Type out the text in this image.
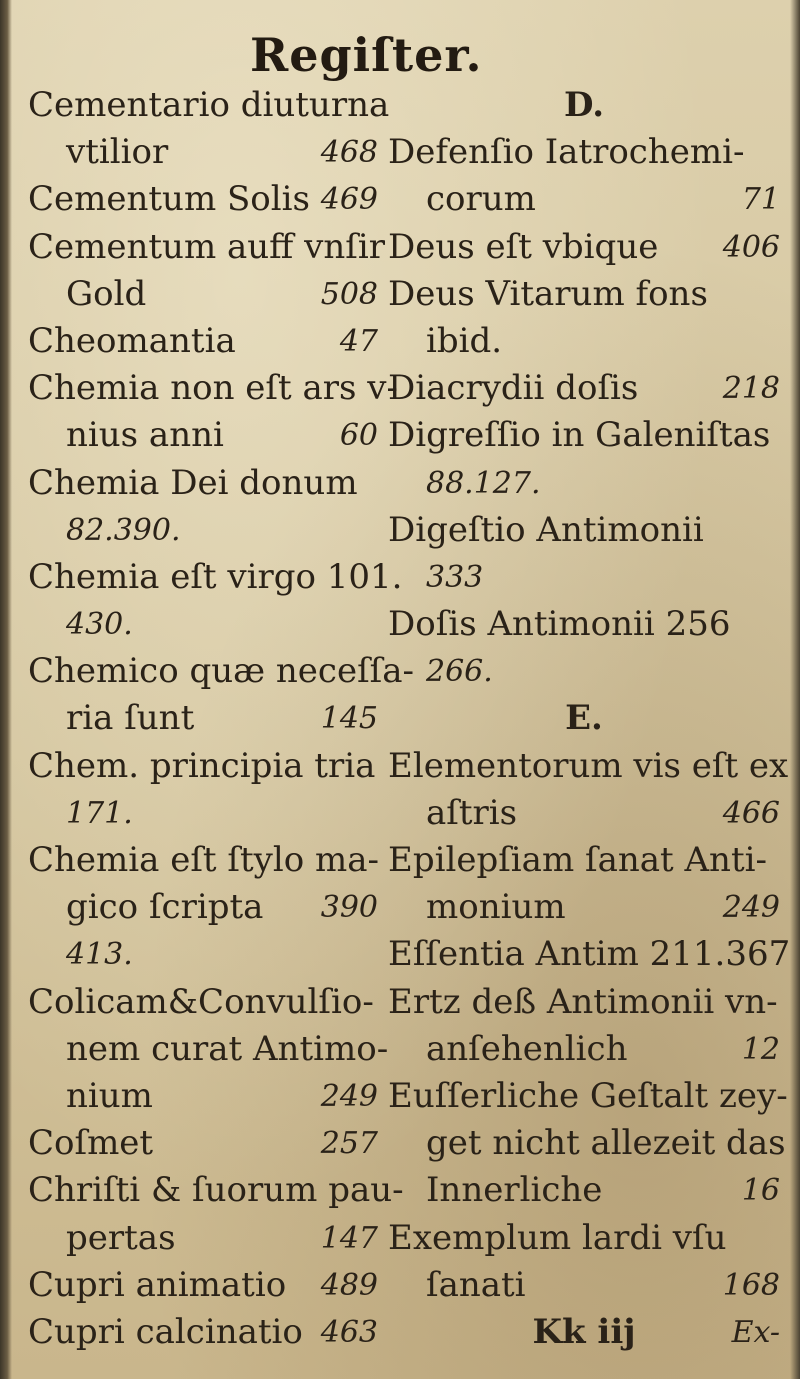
Regiſter.
Cementario diuturna
vtilior	468
Cementum Solis 469
Cementum auff vnſir
Gold	508
Cheomantia	47
Chemia non eſt ars v-
nius anni	60
Chemia Dei donum
82.390.
Chemia eſt virgo 101.
430.
Chemico quæ neceſſa-
ria ſunt	145
Chem. principia tria
171.
Chemia eſt ſtylo ma-
gico ſcripta 390
413.
Colicam&Convulſio-
nem curat Antimo-
nium	249
Coſmet	257
Chriſti & ſuorum pau-
pertas	147
Cupri animatio 489
Cupri calcinatio 463
D.
Defenſio Iatrochemi-
corum	71
Deus eſt vbique 406
Deus Vitarum fons
ibid.
Diacrydii doſis	218
Digreſſio in Galeniſtas
88.127.
Digeſtio Antimonii
333
Doſis Antimonii 256
266.
E.
Elementorum vis eſt ex
aſtris	466
Epilepſiam ſanat Anti-
monium	249
Eſſentia Antim 211.367
Ertz deß Antimonii vn-
anſehenlich	12
Euſſerliche Geſtalt zey-
get nicht allezeit das
Innerliche	16
Exemplum lardi vſu
ſanati	168
Kk iij	Ex-
